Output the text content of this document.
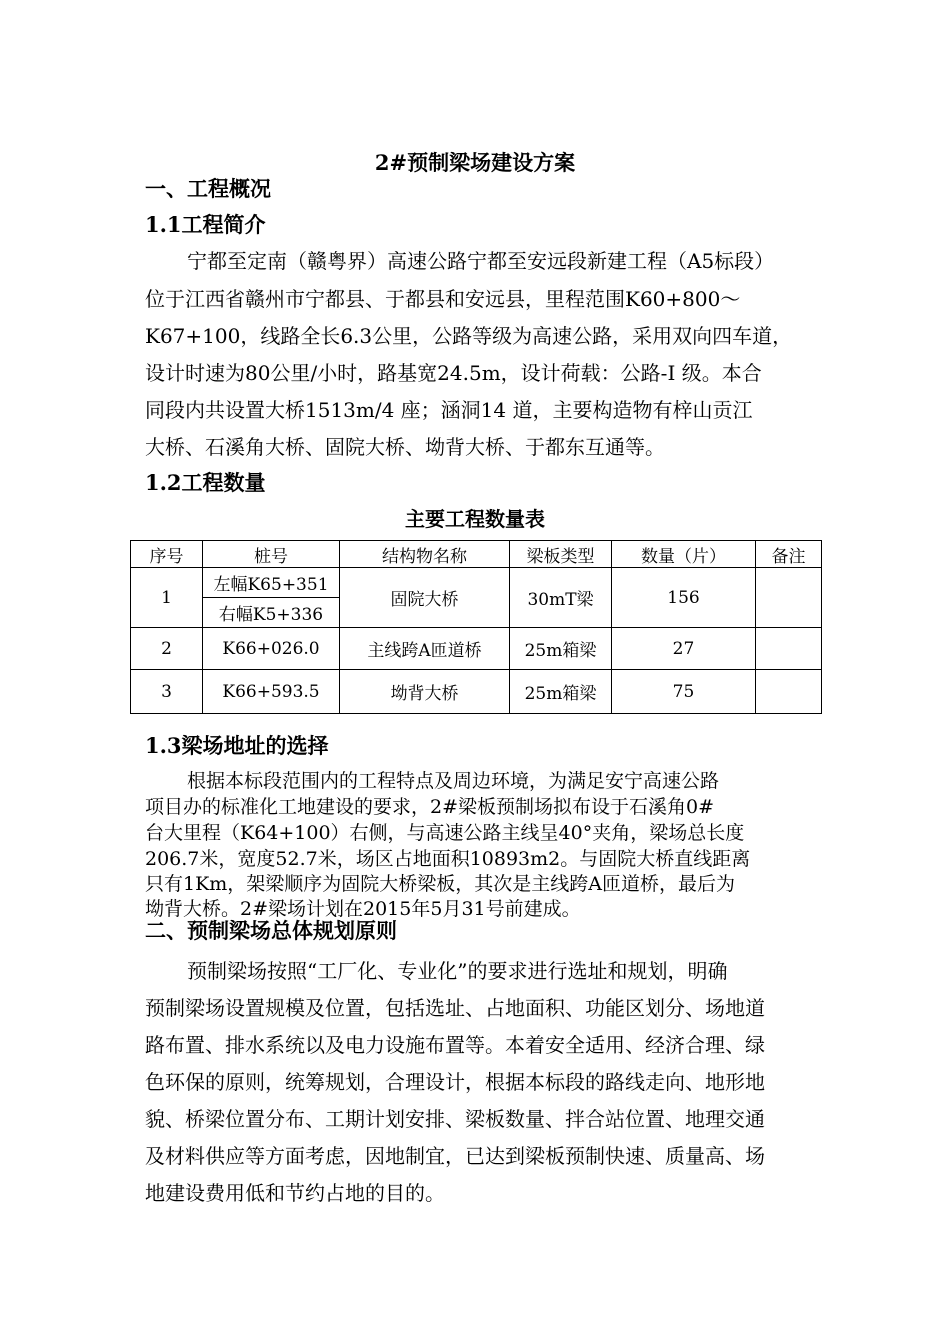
2#预制梁场建设方案
一、工程概况
1.1工程简介
宁都至定南（赣粤界）高速公路宁都至安远段新建工程（A5标段）
位于江西省赣州市宁都县、于都县和安远县，里程范围K60+800～
K67+100，线路全长6.3公里，公路等级为高速公路，采用双向四车道，
设计时速为80公里/小时，路基宽24.5m，设计荷载：公路-Ⅰ 级。本合
同段内共设置大桥1513m/4 座；涵洞14 道，主要构造物有梓山贡江
大桥、石溪角大桥、固院大桥、坳背大桥、于都东互通等。
1.2工程数量
主要工程数量表
序号	桩号	结构物名称	梁板类型	数量（片）	备注
1	左幅K65+351	固院大桥	30mT梁	156	
	右幅K5+336				
2	K66+026.0	主线跨A匝道桥	25m箱梁	27	
3	K66+593.5	坳背大桥	25m箱梁	75	
1.3梁场地址的选择
根据本标段范围内的工程特点及周边环境，为满足安宁高速公路
项目办的标准化工地建设的要求，2#梁板预制场拟布设于石溪角0#
台大里程（K64+100）右侧，与高速公路主线呈40°夹角，梁场总长度
206.7米，宽度52.7米，场区占地面积10893m2。与固院大桥直线距离
只有1Km，架梁顺序为固院大桥梁板，其次是主线跨A匝道桥，最后为
坳背大桥。2#梁场计划在2015年5月31号前建成。
二、预制梁场总体规划原则
预制梁场按照“工厂化、专业化”的要求进行选址和规划，明确
预制梁场设置规模及位置，包括选址、占地面积、功能区划分、场地道
路布置、排水系统以及电力设施布置等。本着安全适用、经济合理、绿
色环保的原则，统筹规划，合理设计，根据本标段的路线走向、地形地
貌、桥梁位置分布、工期计划安排、梁板数量、拌合站位置、地理交通
及材料供应等方面考虑，因地制宜，已达到梁板预制快速、质量高、场
地建设费用低和节约占地的目的。
